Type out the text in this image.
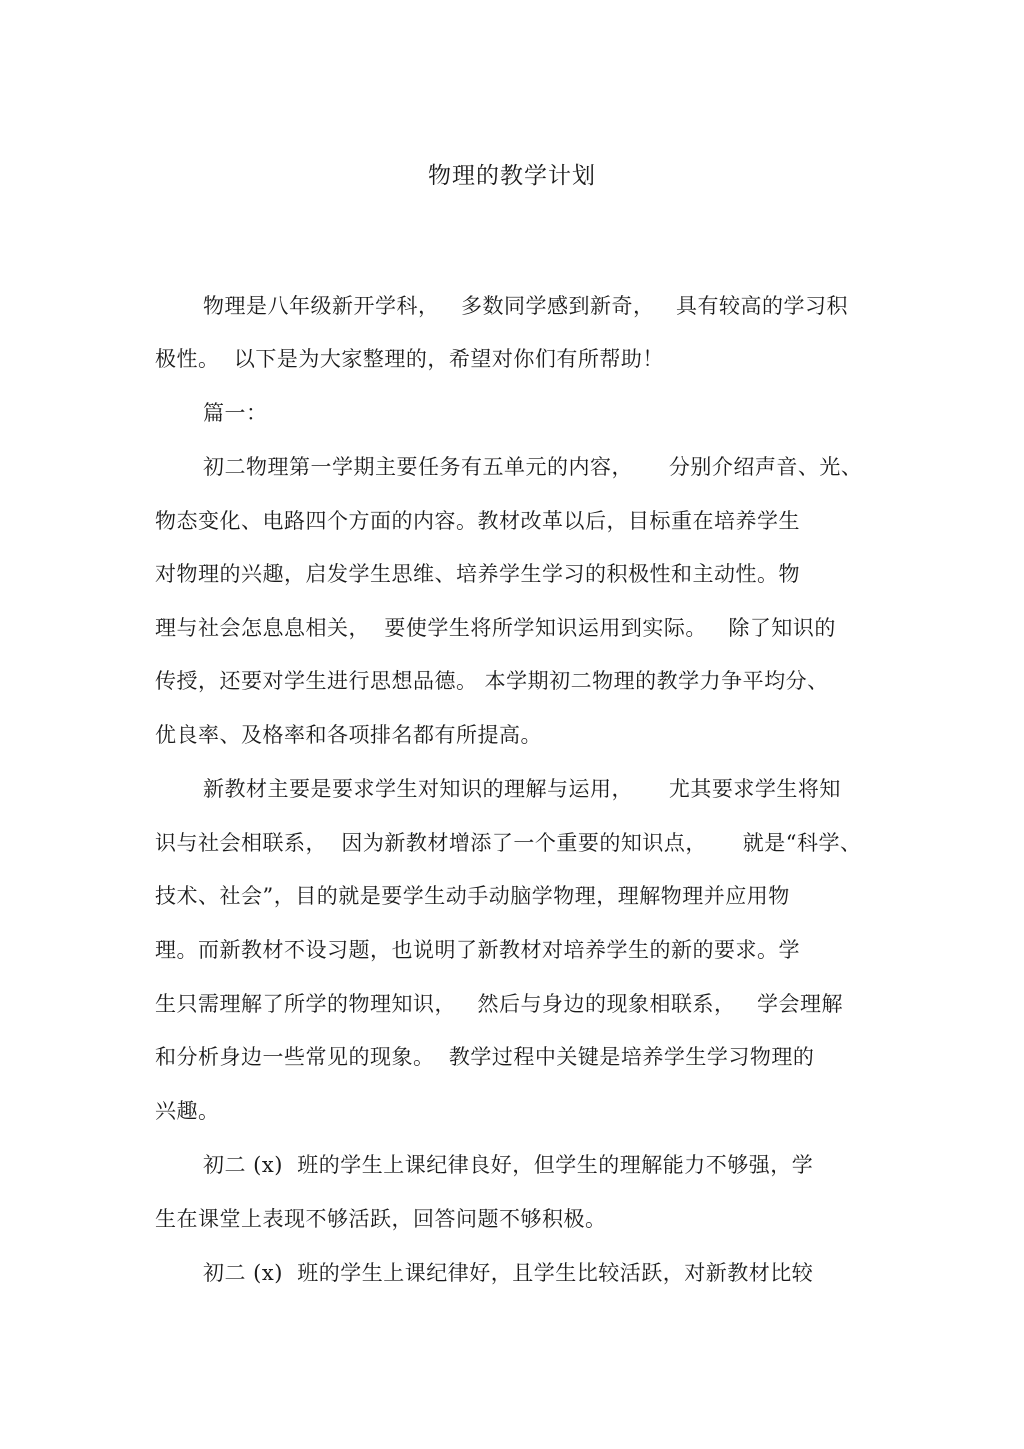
物理的教学计划
物理是八年级新开学科，   多数同学感到新奇，   具有较高的学习积
极性。  以下是为大家整理的，希望对你们有所帮助！
篇一：
初二物理第一学期主要任务有五单元的内容，     分别介绍声音、光、
物态变化、电路四个方面的内容。教材改革以后，目标重在培养学生
对物理的兴趣，启发学生思维、培养学生学习的积极性和主动性。物
理与社会怎息息相关，  要使学生将所学知识运用到实际。   除了知识的
传授，还要对学生进行思想品德。 本学期初二物理的教学力争平均分、
优良率、及格率和各项排名都有所提高。
新教材主要是要求学生对知识的理解与运用，     尤其要求学生将知
识与社会相联系，  因为新教材增添了一个重要的知识点，     就是“科学、
技术、社会”，目的就是要学生动手动脑学物理，理解物理并应用物
理。而新教材不设习题，也说明了新教材对培养学生的新的要求。学
生只需理解了所学的物理知识，   然后与身边的现象相联系，   学会理解
和分析身边一些常见的现象。  教学过程中关键是培养学生学习物理的
兴趣。
初二 (x)  班的学生上课纪律良好，但学生的理解能力不够强，学
生在课堂上表现不够活跃，回答问题不够积极。
初二 (x)  班的学生上课纪律好，且学生比较活跃，对新教材比较
